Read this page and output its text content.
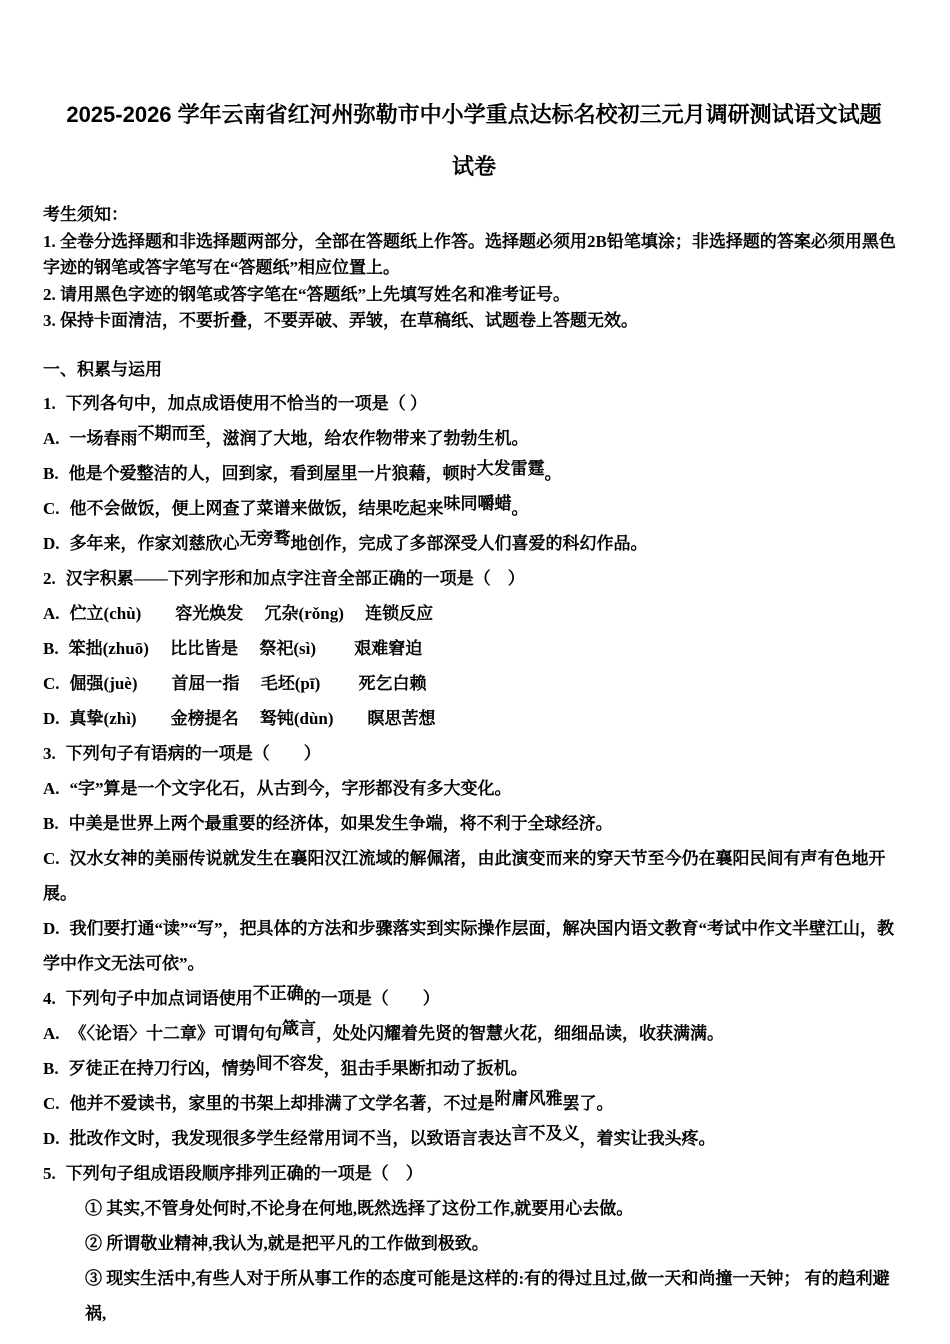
2025-2026 学年云南省红河州弥勒市中小学重点达标名校初三元月调研测试语文试题
试卷

考生须知：

1. 全卷分选择题和非选择题两部分，全部在答题纸上作答。选择题必须用2B铅笔填涂；非选择题的答案必须用黑色字迹的钢笔或答字笔写在“答题纸”相应位置上。

2. 请用黑色字迹的钢笔或答字笔在“答题纸”上先填写姓名和准考证号。

3. 保持卡面清洁，不要折叠，不要弄破、弄皱，在草稿纸、试题卷上答题无效。

一、积累与运用

1. 下列各句中，加点成语使用不恰当的一项是（ ）

A. 一场春雨不期而至，滋润了大地，给农作物带来了勃勃生机。

B. 他是个爱整洁的人，回到家，看到屋里一片狼藉，顿时大发雷霆。

C. 他不会做饭，便上网查了菜谱来做饭，结果吃起来味同嚼蜡。

D. 多年来，作家刘慈欣心无旁骛地创作，完成了多部深受人们喜爱的科幻作品。

2. 汉字积累——下列字形和加点字注音全部正确的一项是（　）

A. 伫立(chù)　　容光焕发　 冗杂(rǒng)　 连锁反应

B. 笨拙(zhuō)　 比比皆是　 祭祀(sì)　　 艰难窘迫

C. 倔强(juè)　　首屈一指　 毛坯(pī)　　 死乞白赖

D. 真挚(zhì)　　金榜提名　 驽钝(dùn)　　瞑思苦想

3. 下列句子有语病的一项是（　　）

A. “字”算是一个文字化石，从古到今，字形都没有多大变化。

B. 中美是世界上两个最重要的经济体，如果发生争端，将不利于全球经济。

C. 汉水女神的美丽传说就发生在襄阳汉江流域的解佩渚，由此演变而来的穿天节至今仍在襄阳民间有声有色地开展。

D. 我们要打通“读”“写”，把具体的方法和步骤落实到实际操作层面，解决国内语文教育“考试中作文半壁江山，教学中作文无法可依”。

4. 下列句子中加点词语使用不正确的一项是（　　）

A. 《〈论语〉十二章》可谓句句箴言，处处闪耀着先贤的智慧火花，细细品读，收获满满。

B. 歹徒正在持刀行凶，情势间不容发，狙击手果断扣动了扳机。

C. 他并不爱读书，家里的书架上却排满了文学名著，不过是附庸风雅罢了。

D. 批改作文时，我发现很多学生经常用词不当，以致语言表达言不及义，着实让我头疼。

5. 下列句子组成语段顺序排列正确的一项是（　）

① 其实,不管身处何时,不论身在何地,既然选择了这份工作,就要用心去做。

② 所谓敬业精神,我认为,就是把平凡的工作做到极致。

③ 现实生活中,有些人对于所从事工作的态度可能是这样的:有的得过且过,做一天和尚撞一天钟； 有的趋利避祸,
